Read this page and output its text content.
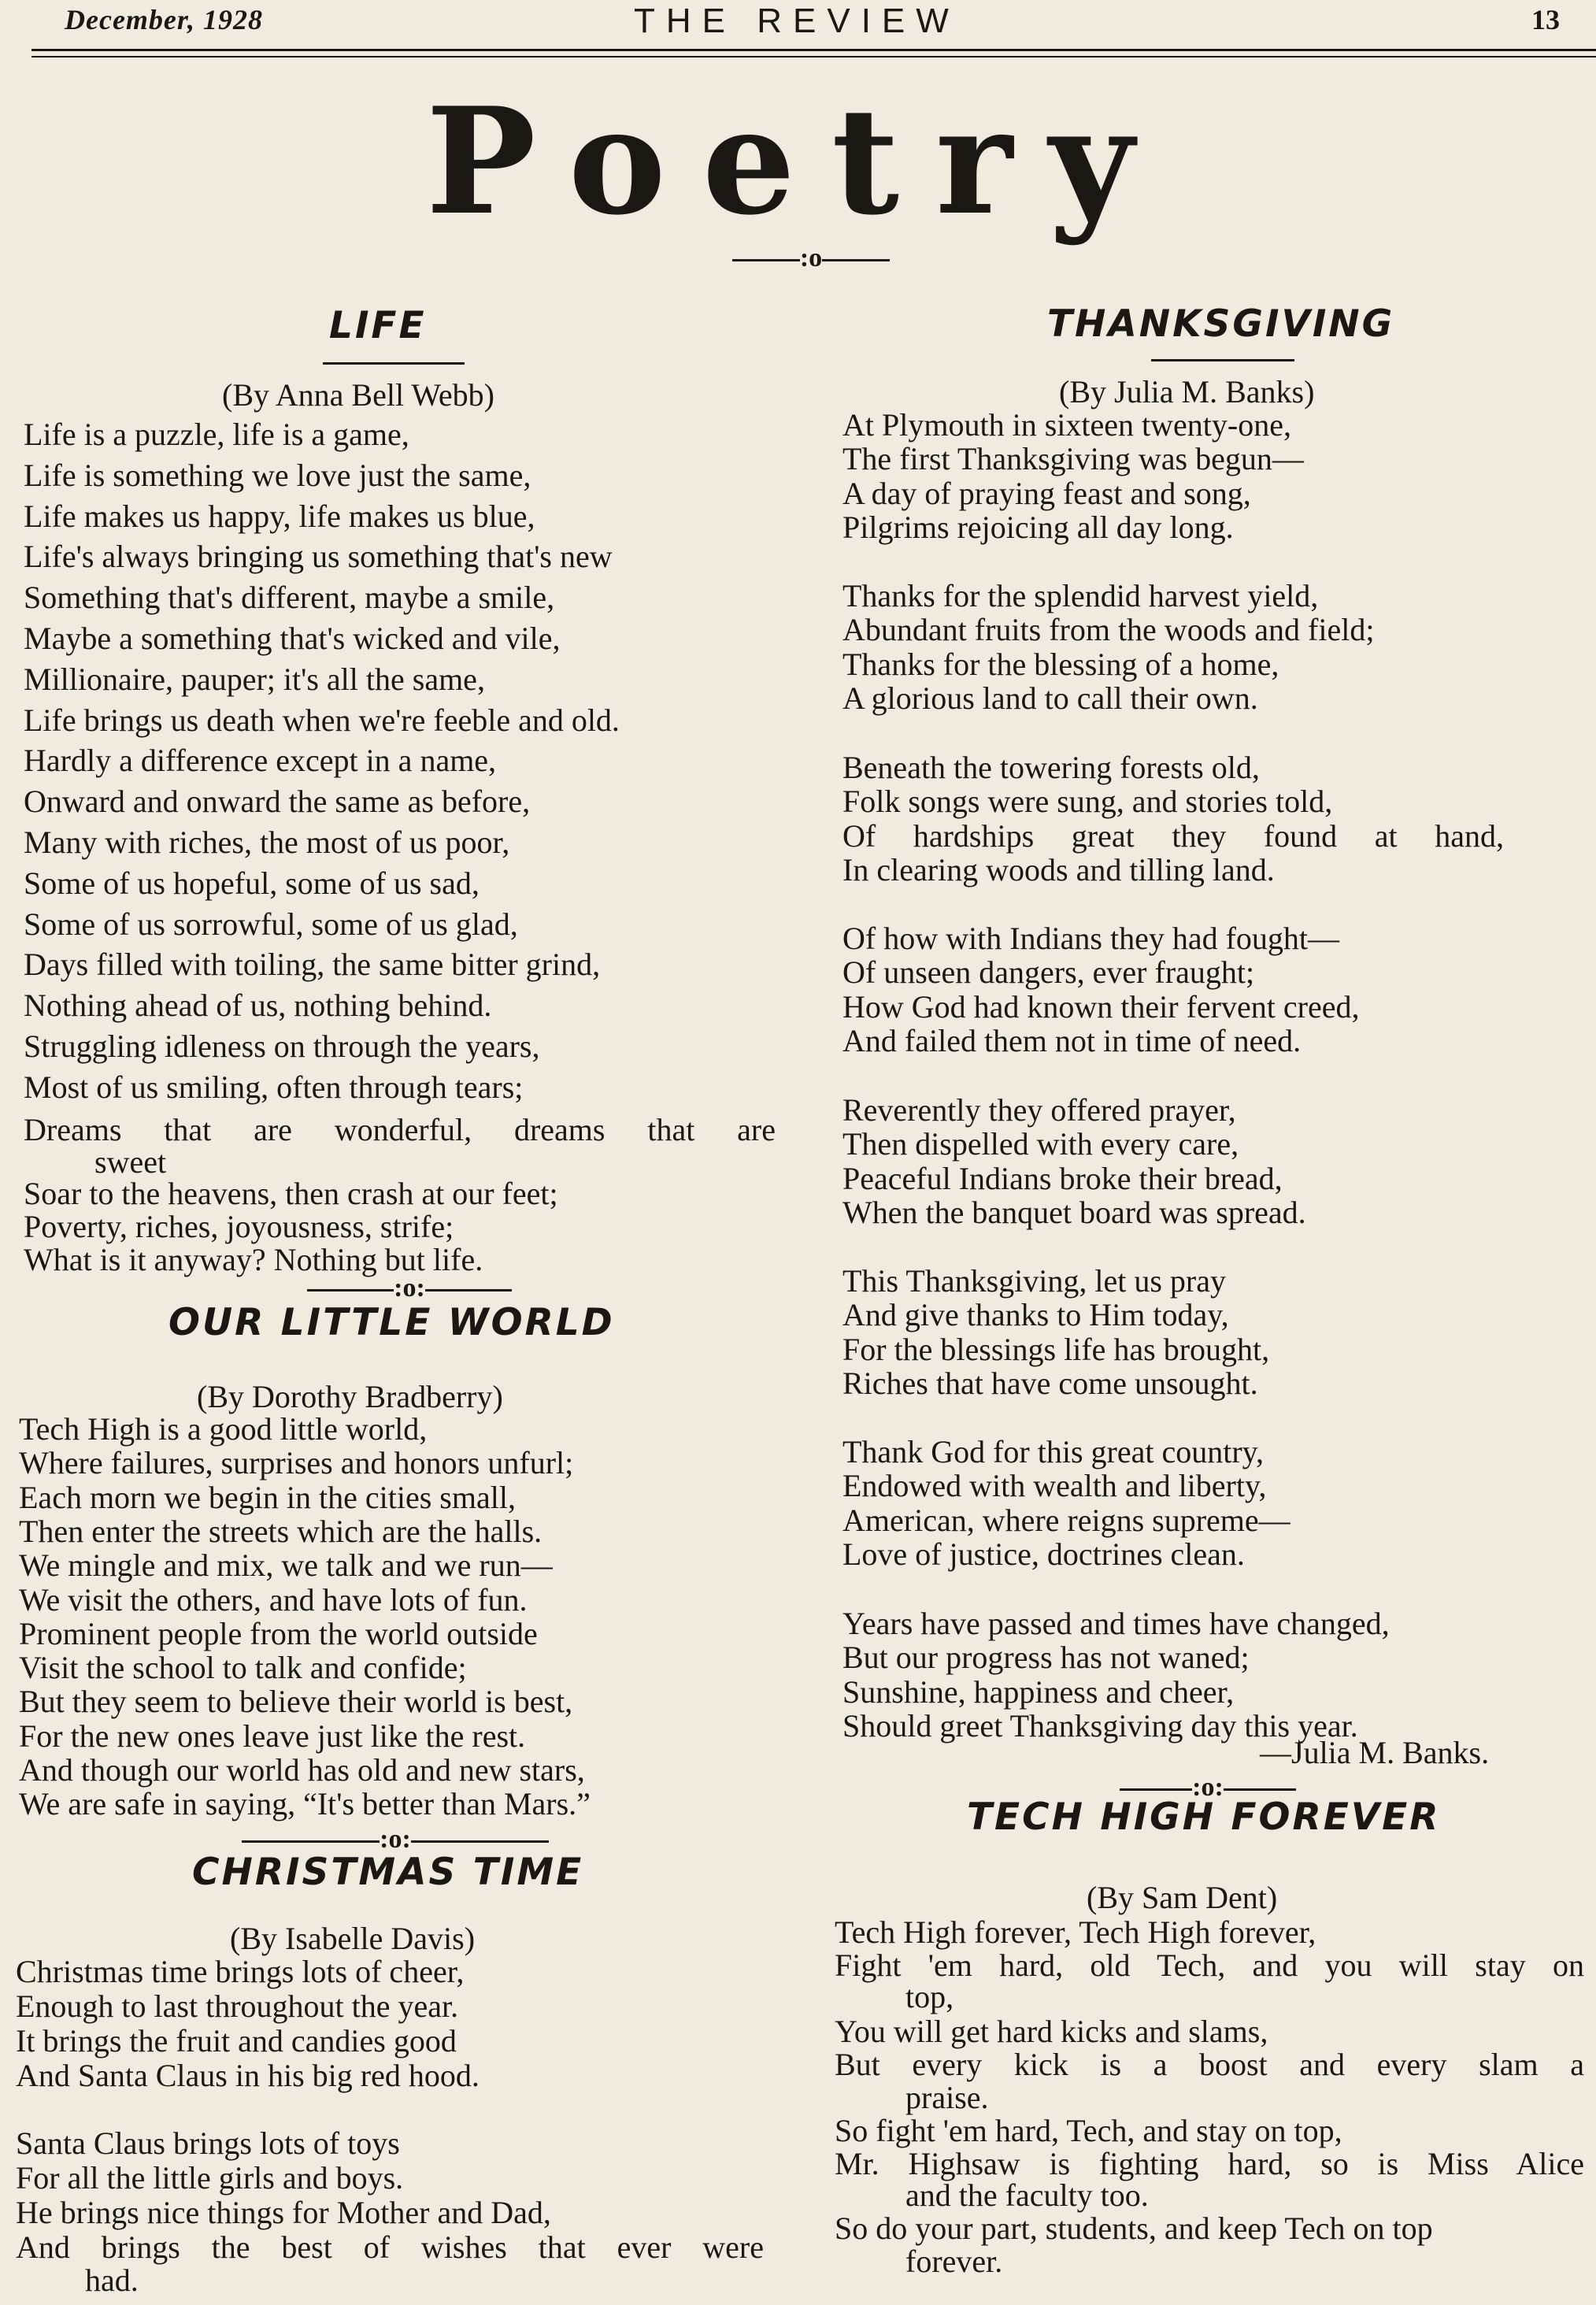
December, 1928	THE REVIEW	13
Poetry
:o
LIFE
(By Anna Bell Webb)
Life is a puzzle, life is a game,
Life is something we love just the same,
Life makes us happy, life makes us blue,
Life's always bringing us something that's new
Something that's different, maybe a smile,
Maybe a something that's wicked and vile,
Millionaire, pauper; it's all the same,
Life brings us death when we're feeble and old.
Hardly a difference except in a name,
Onward and onward the same as before,
Many with riches, the most of us poor,
Some of us hopeful, some of us sad,
Some of us sorrowful, some of us glad,
Days filled with toiling, the same bitter grind,
Nothing ahead of us, nothing behind.
Struggling idleness on through the years,
Most of us smiling, often through tears;
Dreams that are wonderful, dreams that are
sweet
Soar to the heavens, then crash at our feet;
Poverty, riches, joyousness, strife;
What is it anyway? Nothing but life.
:o:
OUR LITTLE WORLD
(By Dorothy Bradberry)
Tech High is a good little world,
Where failures, surprises and honors unfurl;
Each morn we begin in the cities small,
Then enter the streets which are the halls.
We mingle and mix, we talk and we run—
We visit the others, and have lots of fun.
Prominent people from the world outside
Visit the school to talk and confide;
But they seem to believe their world is best,
For the new ones leave just like the rest.
And though our world has old and new stars,
We are safe in saying, “It's better than Mars.”
:o:
CHRISTMAS TIME
(By Isabelle Davis)
Christmas time brings lots of cheer,
Enough to last throughout the year.
It brings the fruit and candies good
And Santa Claus in his big red hood.
Santa Claus brings lots of toys
For all the little girls and boys.
He brings nice things for Mother and Dad,
And brings the best of wishes that ever were
had.
THANKSGIVING
(By Julia M. Banks)
At Plymouth in sixteen twenty-one,
The first Thanksgiving was begun—
A day of praying feast and song,
Pilgrims rejoicing all day long.
Thanks for the splendid harvest yield,
Abundant fruits from the woods and field;
Thanks for the blessing of a home,
A glorious land to call their own.
Beneath the towering forests old,
Folk songs were sung, and stories told,
Of hardships great they found at hand,
In clearing woods and tilling land.
Of how with Indians they had fought—
Of unseen dangers, ever fraught;
How God had known their fervent creed,
And failed them not in time of need.
Reverently they offered prayer,
Then dispelled with every care,
Peaceful Indians broke their bread,
When the banquet board was spread.
This Thanksgiving, let us pray
And give thanks to Him today,
For the blessings life has brought,
Riches that have come unsought.
Thank God for this great country,
Endowed with wealth and liberty,
American, where reigns supreme—
Love of justice, doctrines clean.
Years have passed and times have changed,
But our progress has not waned;
Sunshine, happiness and cheer,
Should greet Thanksgiving day this year.
—Julia M. Banks.
:o:
TECH HIGH FOREVER
(By Sam Dent)
Tech High forever, Tech High forever,
Fight 'em hard, old Tech, and you will stay on
top,
You will get hard kicks and slams,
But every kick is a boost and every slam a
praise.
So fight 'em hard, Tech, and stay on top,
Mr. Highsaw is fighting hard, so is Miss Alice
and the faculty too.
So do your part, students, and keep Tech on top
forever.
